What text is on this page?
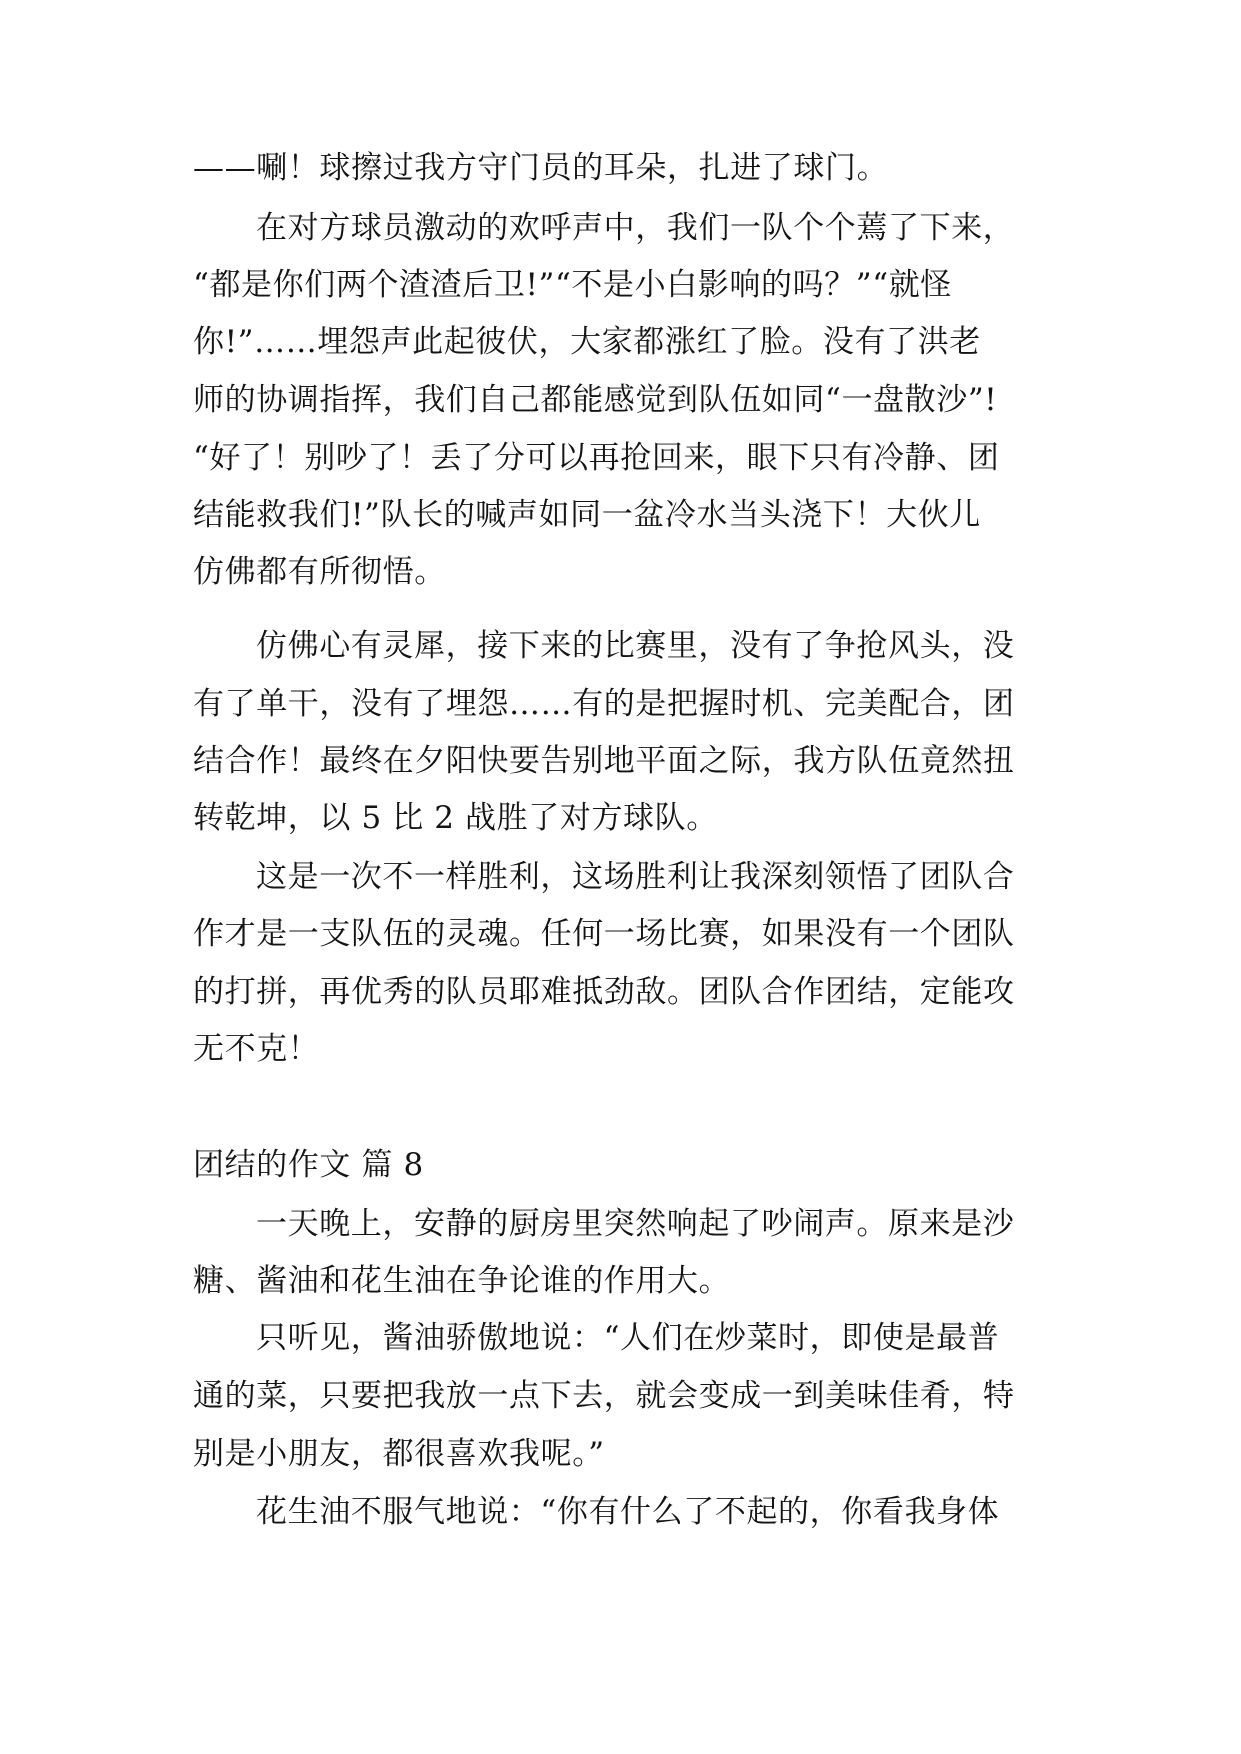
——唰！球擦过我方守门员的耳朵，扎进了球门。
在对方球员激动的欢呼声中，我们一队个个蔫了下来，
“都是你们两个渣渣后卫!”“不是小白影响的吗？”“就怪
你!”……埋怨声此起彼伏，大家都涨红了脸。没有了洪老
师的协调指挥，我们自己都能感觉到队伍如同“一盘散沙”!
“好了！别吵了！丢了分可以再抢回来，眼下只有冷静、团
结能救我们!”队长的喊声如同一盆冷水当头浇下！大伙儿
仿佛都有所彻悟。
仿佛心有灵犀，接下来的比赛里，没有了争抢风头，没
有了单干，没有了埋怨……有的是把握时机、完美配合，团
结合作！最终在夕阳快要告别地平面之际，我方队伍竟然扭
转乾坤，以 5 比 2 战胜了对方球队。
这是一次不一样胜利，这场胜利让我深刻领悟了团队合
作才是一支队伍的灵魂。任何一场比赛，如果没有一个团队
的打拼，再优秀的队员耶难抵劲敌。团队合作团结，定能攻
无不克！
团结的作文 篇 8
一天晚上，安静的厨房里突然响起了吵闹声。原来是沙
糖、酱油和花生油在争论谁的作用大。
只听见，酱油骄傲地说：“人们在炒菜时，即使是最普
通的菜，只要把我放一点下去，就会变成一到美味佳肴，特
别是小朋友，都很喜欢我呢。”
花生油不服气地说：“你有什么了不起的，你看我身体
